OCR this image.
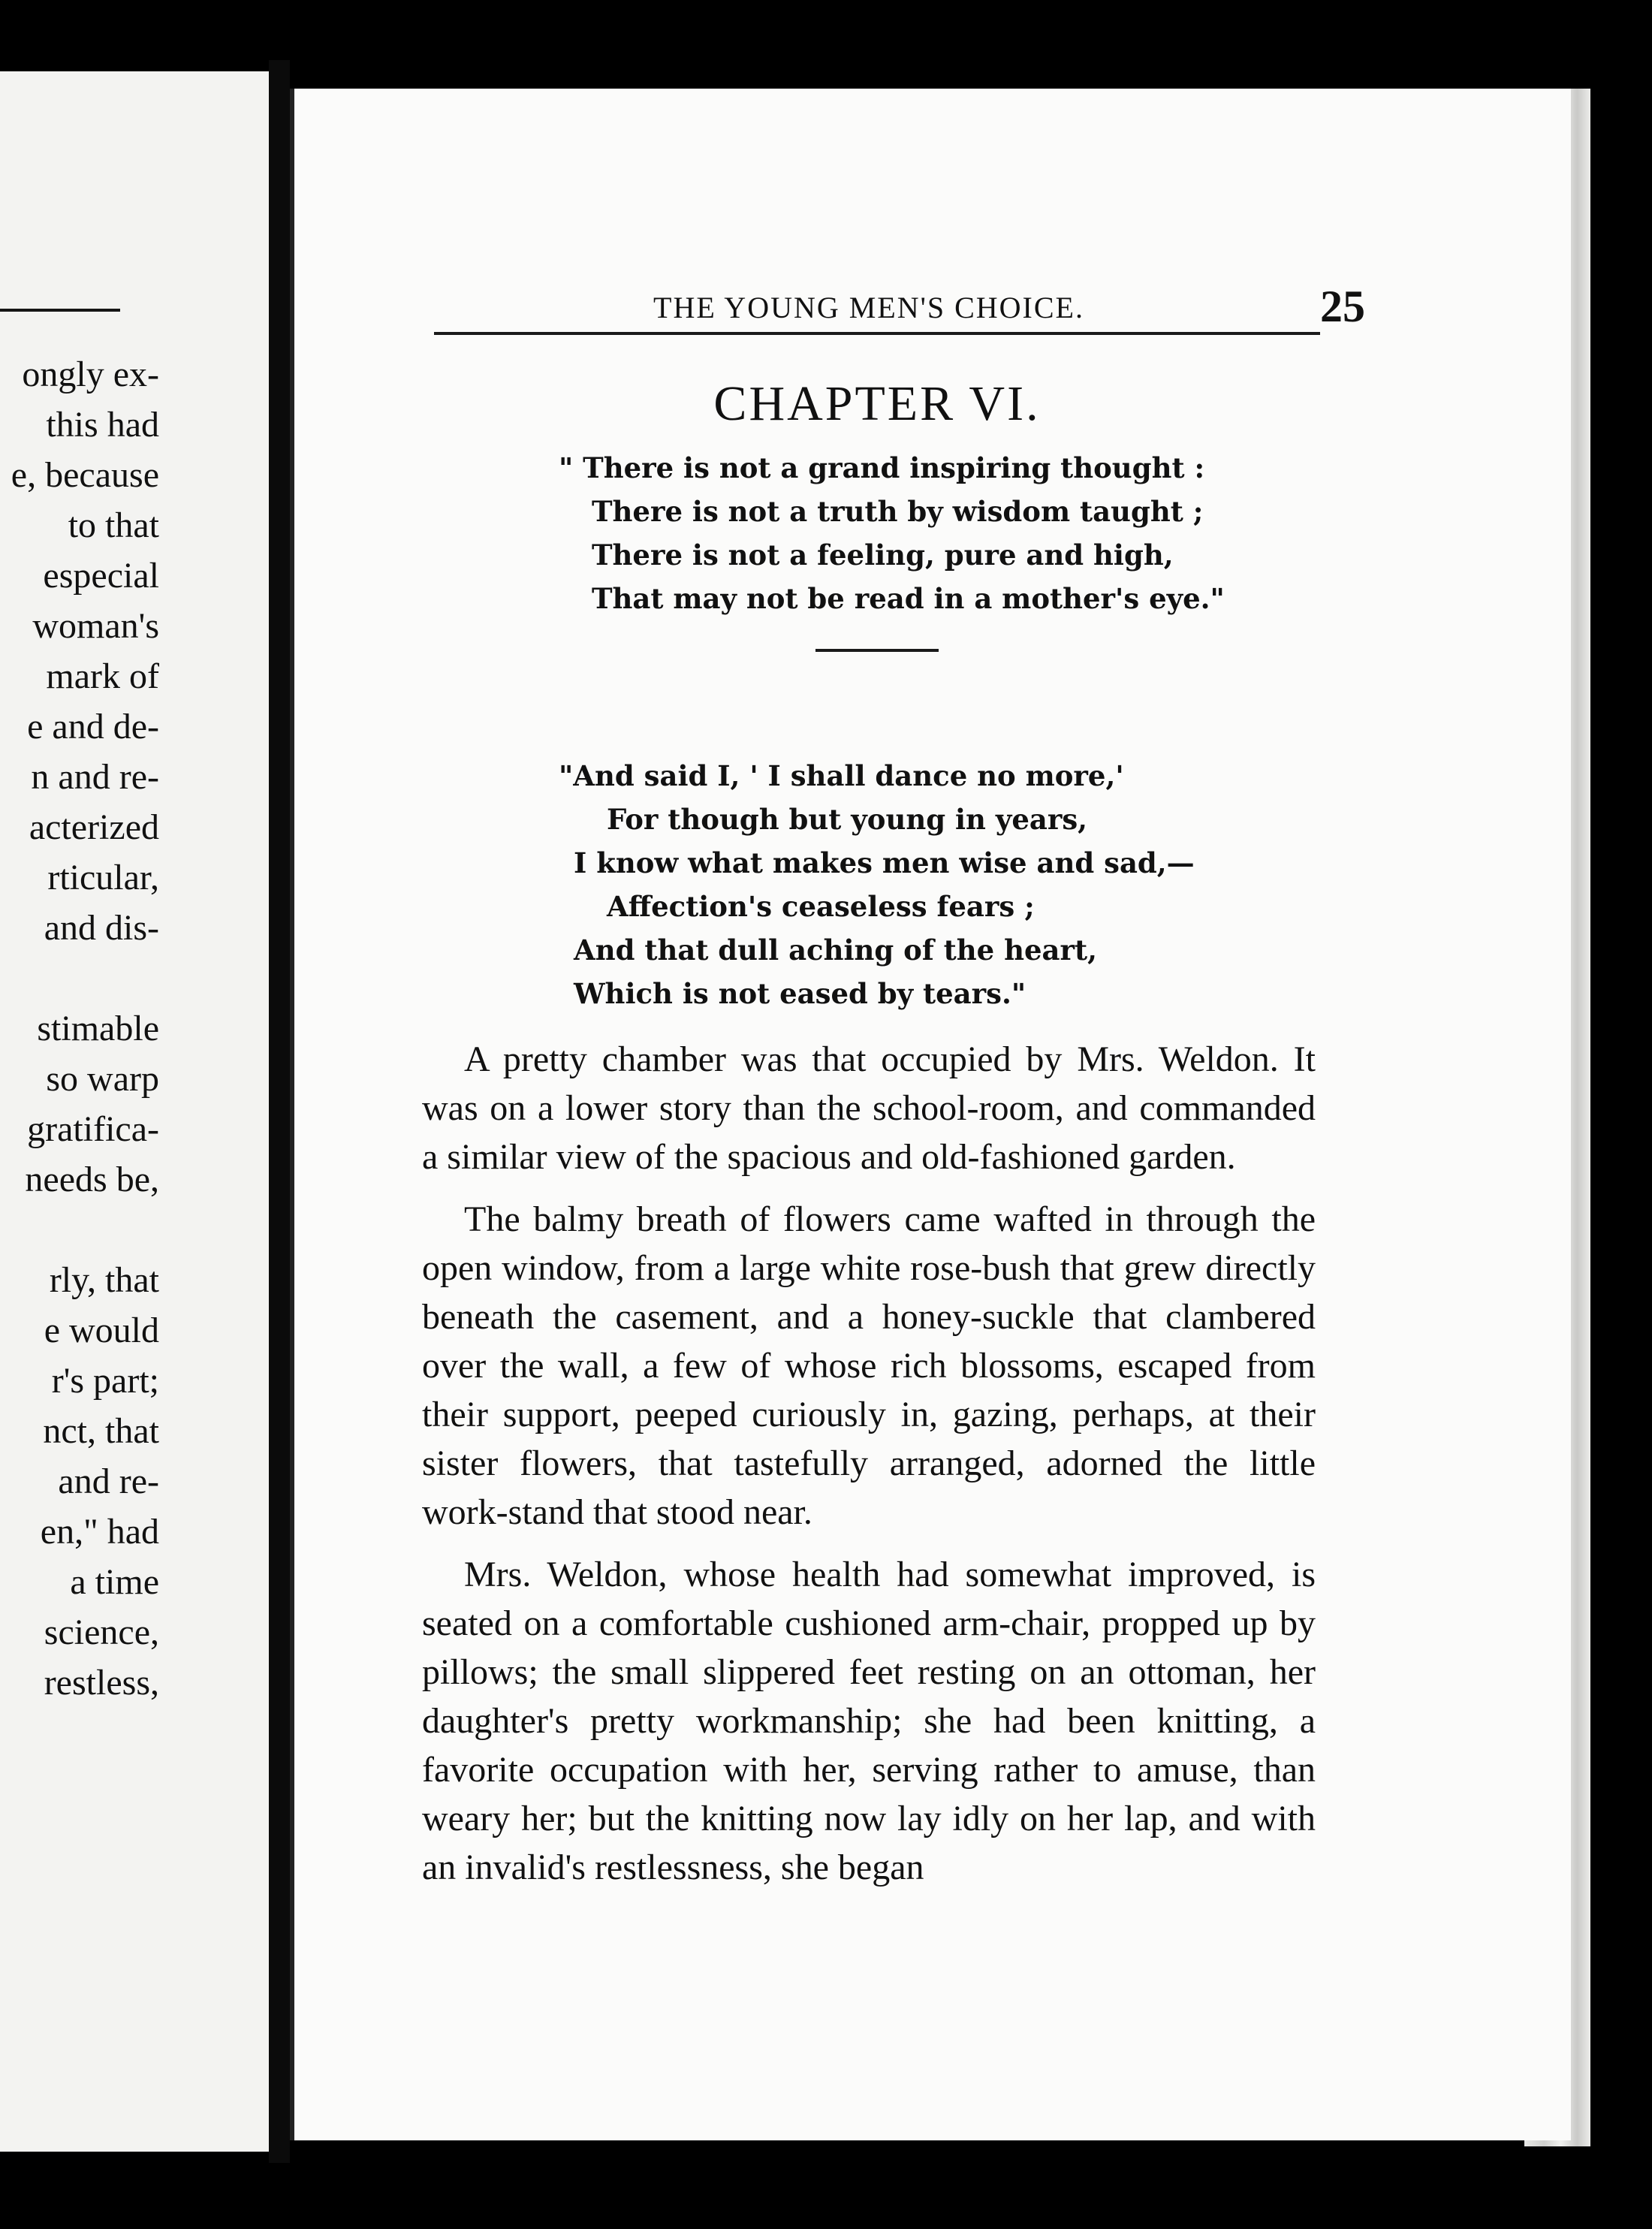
ongly ex-
this had
e, because
to that
especial
woman's
mark of
e and de-
n and re-
acterized
rticular,
and dis-
stimable
so warp
gratifica-
needs be,
rly, that
e would
r's part;
nct, that
and re-
en," had
a time
science,
restless,
THE YOUNG MEN'S CHOICE.	25
CHAPTER VI.
" There is not a grand inspiring thought :
There is not a truth by wisdom taught ;
There is not a feeling, pure and high,
That may not be read in a mother's eye."
"And said I, ' I shall dance no more,'
For though but young in years,
I know what makes men wise and sad,—
Affection's ceaseless fears ;
And that dull aching of the heart,
Which is not eased by tears."

A pretty chamber was that occupied by Mrs. Weldon. It was on a lower story than the school-room, and commanded a similar view of the spacious and old-fashioned garden.

The balmy breath of flowers came wafted in through the open window, from a large white rose-bush that grew directly beneath the casement, and a honey-suckle that clambered over the wall, a few of whose rich blossoms, escaped from their support, peeped curiously in, gazing, perhaps, at their sister flowers, that tastefully arranged, adorned the little work-stand that stood near.

Mrs. Weldon, whose health had somewhat improved, is seated on a comfortable cushioned arm-chair, propped up by pillows; the small slippered feet resting on an ottoman, her daughter's pretty workmanship; she had been knitting, a favorite occupation with her, serving rather to amuse, than weary her; but the knitting now lay idly on her lap, and with an invalid's restlessness, she began
